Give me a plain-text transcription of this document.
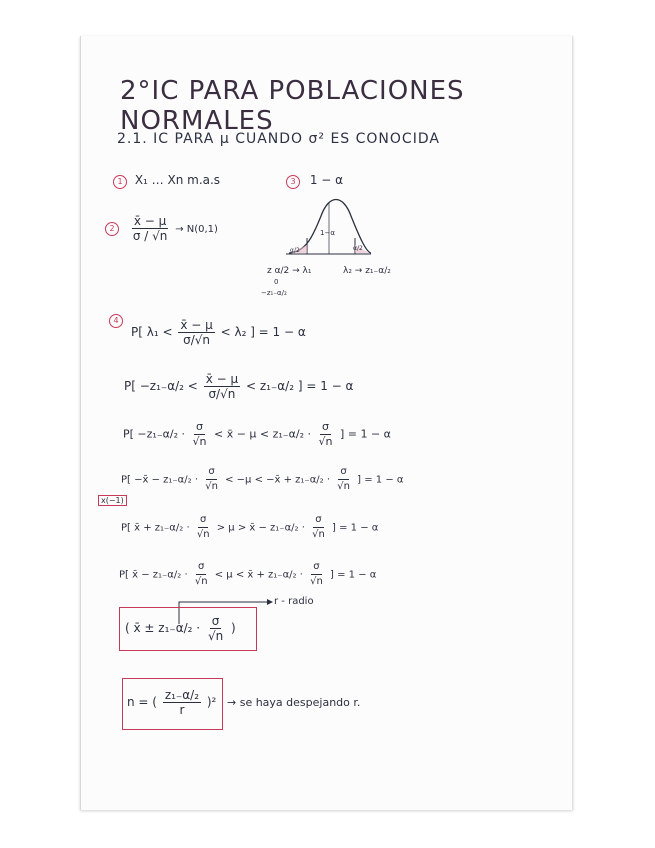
2°IC PARA POBLACIONES NORMALES
2.1. IC PARA μ CUANDO σ² ES CONOCIDA
1 X₁ … Xn m.a.s	3 1 − α
$2 \frac{x̄ - \mu}{\sigma / √n} \to N(0,1)$	1−α
α/2	α/2
z α/2 → λ₁	λ₂ → z₁₋α/₂
0
−z₁₋α/₂
4
P[ $\lambda_1 < \frac{x̄ - \mu}{\sigma/√n} < \lambda_2$ ] = 1 − α
$P[ -z_{1-}\alpha/_2 < \frac{x̄ - \mu}{\sigma/√n} < z_{1-}\alpha/_2$ ] = 1 − α
$P[ -z_{1-}\alpha/_2 \cdot \frac{\sigma}{√n}$ < x̄ − $\mu < z_{1-}\alpha/_2 \cdot \frac{\sigma}{√n}$ ] = 1 − α
P[ −x̄ − $z_{1-}\alpha/_2 \cdot \frac{\sigma}{√n} < -\mu$ < −x̄ + $z_{1-}\alpha/_2 \cdot \frac{\sigma}{√n}$ ] = 1 − α
x(−1)
P[ x̄ + $z_{1-}\alpha/_2 \cdot \frac{\sigma}{√n} > \mu$ > x̄ − $z_{1-}\alpha/_2 \cdot \frac{\sigma}{√n}$ ] = 1 − α
P[ x̄ − $z_{1-}\alpha/_2 \cdot \frac{\sigma}{√n} < \mu$ < x̄ + $z_{1-}\alpha/_2 \cdot \frac{\sigma}{√n}$ ] = 1 − α
r - radio
( x̄ ± $z_{1-}\alpha/_2 \cdot \frac{\sigma}{√n}$ )
n = ( $\frac{\text{z₁₋α/₂}}{r} )^2$ → se haya despejando r.
